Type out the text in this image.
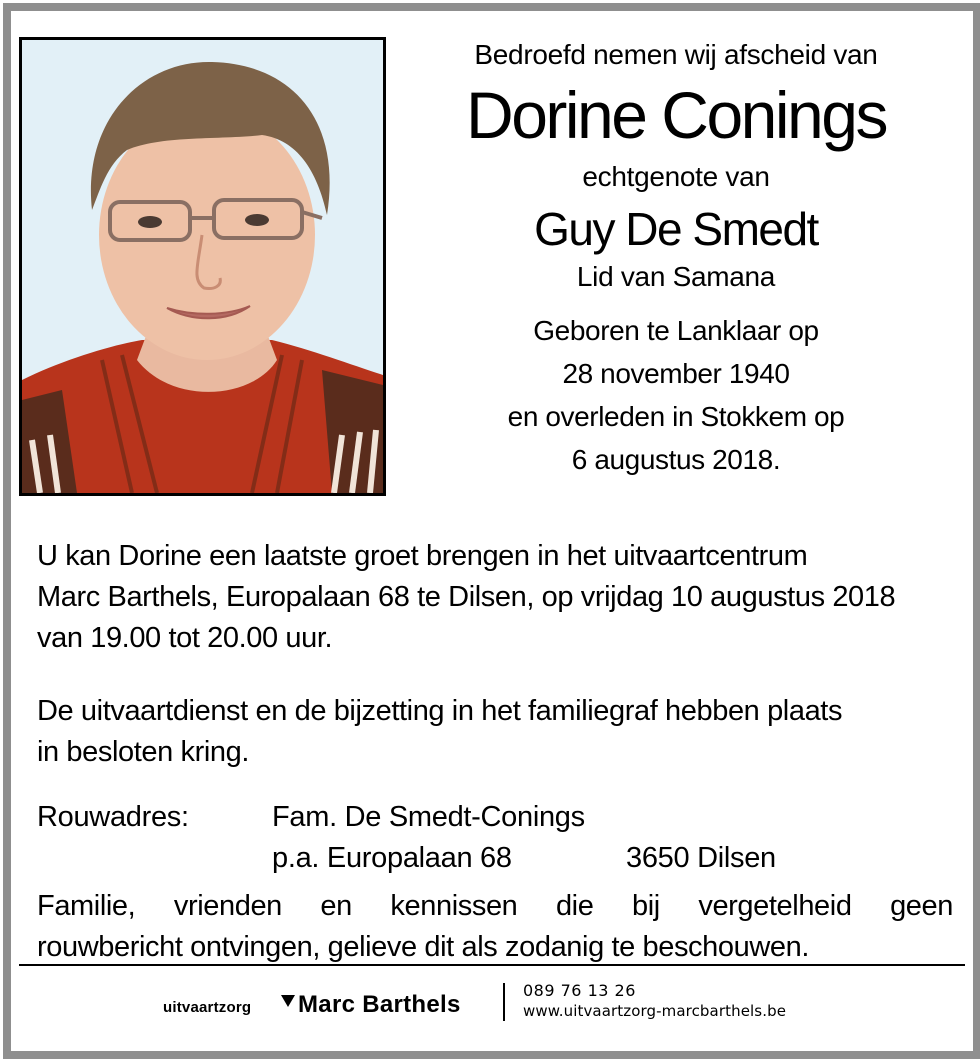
Bedroefd nemen wij afscheid van
Dorine Conings
echtgenote van
Guy De Smedt
Lid van Samana
Geboren te Lanklaar op
28 november 1940
en overleden in Stokkem op
6 augustus 2018.
U kan Dorine een laatste groet brengen in het uitvaartcentrum
Marc Barthels, Europalaan 68 te Dilsen, op vrijdag 10 augustus 2018
van 19.00 tot 20.00 uur.
De uitvaartdienst en de bijzetting in het familiegraf hebben plaats
in besloten kring.
Rouwadres:	Fam. De Smedt-Conings
p.a. Europalaan 68	3650 Dilsen
Familie, vrienden en kennissen die bij vergetelheid geen
rouwbericht ontvingen, gelieve dit als zodanig te beschouwen.
uitvaartzorg Marc Barthels
089 76 13 26
www.uitvaartzorg-marcbarthels.be
